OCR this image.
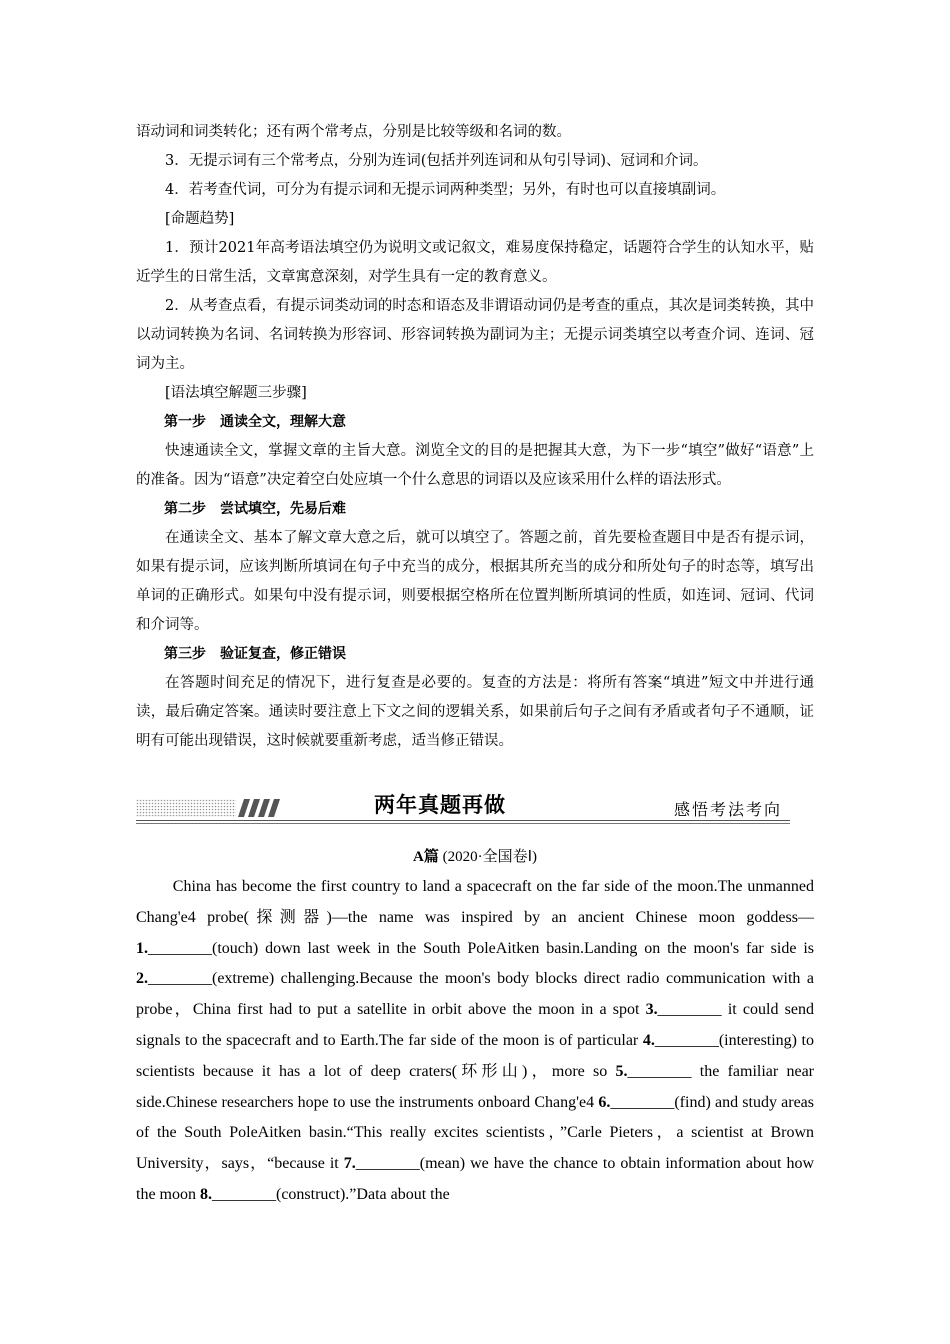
语动词和词类转化；还有两个常考点，分别是比较等级和名词的数。

3．无提示词有三个常考点，分别为连词(包括并列连词和从句引导词)、冠词和介词。

4．若考查代词，可分为有提示词和无提示词两种类型；另外，有时也可以直接填副词。

[命题趋势]

1．预计2021年高考语法填空仍为说明文或记叙文，难易度保持稳定，话题符合学生的认知水平，贴近学生的日常生活，文章寓意深刻，对学生具有一定的教育意义。

2．从考查点看，有提示词类动词的时态和语态及非谓语动词仍是考查的重点，其次是词类转换，其中以动词转换为名词、名词转换为形容词、形容词转换为副词为主；无提示词类填空以考查介词、连词、冠词为主。

[语法填空解题三步骤]

第一步　通读全文，理解大意

快速通读全文，掌握文章的主旨大意。浏览全文的目的是把握其大意，为下一步“填空”做好“语意”上的准备。因为“语意”决定着空白处应填一个什么意思的词语以及应该采用什么样的语法形式。

第二步　尝试填空，先易后难

在通读全文、基本了解文章大意之后，就可以填空了。答题之前，首先要检查题目中是否有提示词，如果有提示词，应该判断所填词在句子中充当的成分，根据其所充当的成分和所处句子的时态等，填写出单词的正确形式。如果句中没有提示词，则要根据空格所在位置判断所填词的性质，如连词、冠词、代词和介词等。

第三步　验证复查，修正错误

在答题时间充足的情况下，进行复查是必要的。复查的方法是：将所有答案“填进”短文中并进行通读，最后确定答案。通读时要注意上下文之间的逻辑关系，如果前后句子之间有矛盾或者句子不通顺，证明有可能出现错误，这时候就要重新考虑，适当修正错误。

两年真题再做	感悟考法考向

A篇 (2020·全国卷Ⅰ)

China has become the first country to land a spacecraft on the far side of the moon.The unmanned Chang'e4 probe(探测器)—the name was inspired by an ancient Chinese moon goddess—1.________(touch) down last week in the South PoleAitken basin.Landing on the moon's far side is 2.________(extreme) challenging.Because the moon's body blocks direct radio communication with a probe，China first had to put a satellite in orbit above the moon in a spot 3.________ it could send signals to the spacecraft and to Earth.The far side of the moon is of particular 4.________(interesting) to scientists because it has a lot of deep craters(环形山)，more so 5.________ the familiar near side.Chinese researchers hope to use the instruments onboard Chang'e4 6.________(find) and study areas of the South PoleAitken basin.“This really excites scientists，”Carle Pieters，a scientist at Brown University，says，“because it 7.________(mean) we have the chance to obtain information about how the moon 8.________(construct).”Data about the
